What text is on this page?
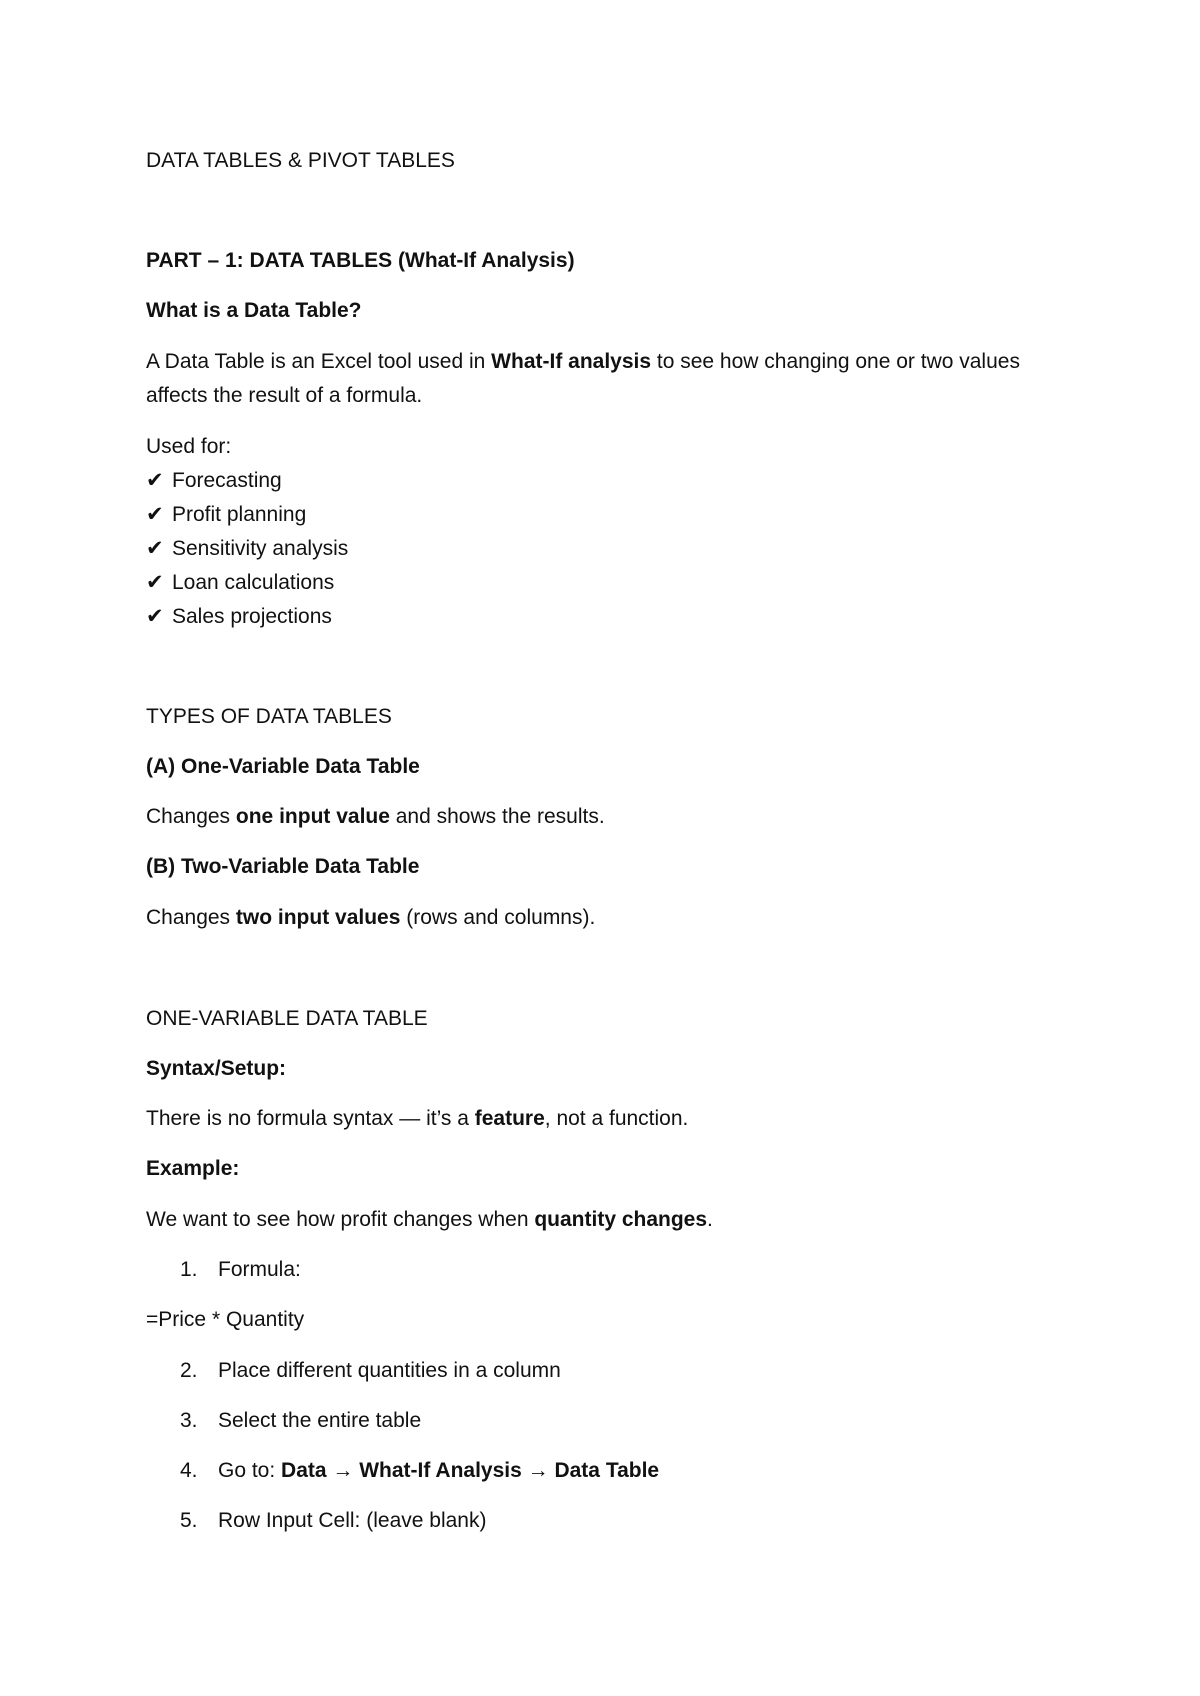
DATA TABLES & PIVOT TABLES
PART – 1: DATA TABLES (What-If Analysis)
What is a Data Table?
A Data Table is an Excel tool used in What-If analysis to see how changing one or two values
affects the result of a formula.
Used for:
✔ Forecasting
✔ Profit planning
✔ Sensitivity analysis
✔ Loan calculations
✔ Sales projections
TYPES OF DATA TABLES
(A) One-Variable Data Table
Changes one input value and shows the results.
(B) Two-Variable Data Table
Changes two input values (rows and columns).
ONE-VARIABLE DATA TABLE
Syntax/Setup:
There is no formula syntax — it’s a feature, not a function.
Example:
We want to see how profit changes when quantity changes.
1. Formula:
=Price * Quantity
2. Place different quantities in a column
3. Select the entire table
4. Go to: Data → What-If Analysis → Data Table
5. Row Input Cell: (leave blank)
